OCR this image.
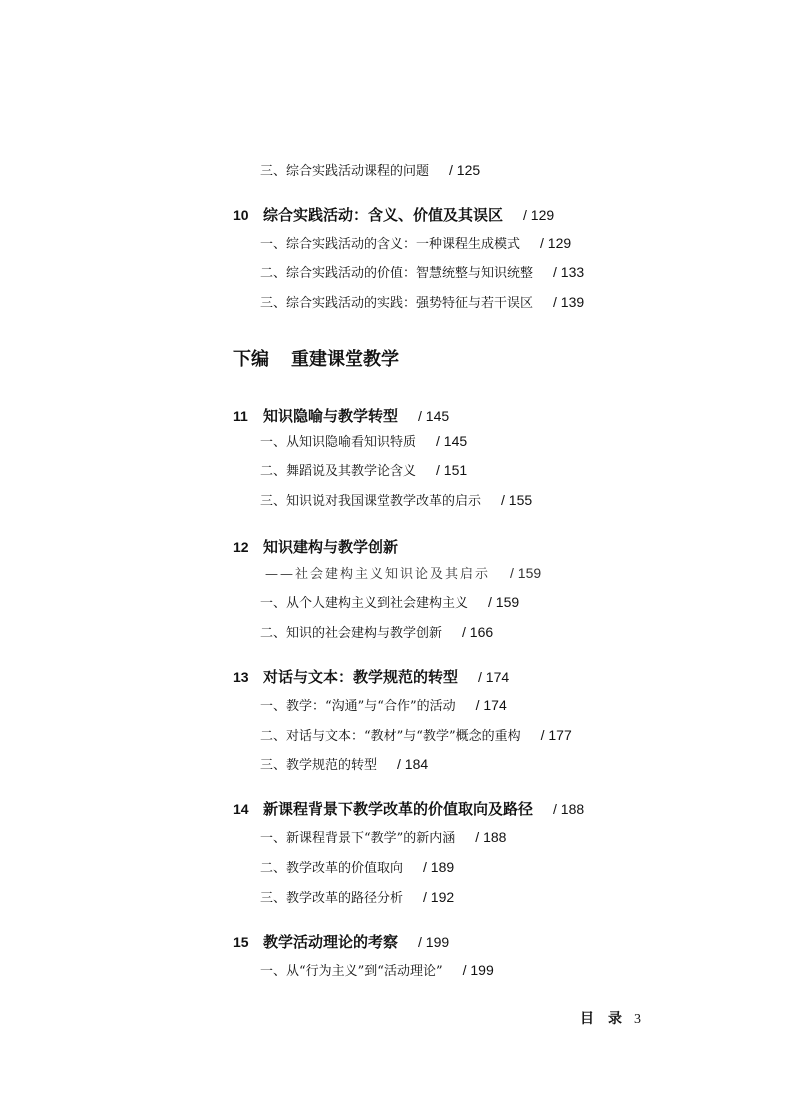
三、综合实践活动课程的问题 / 125
10 综合实践活动：含义、价值及其误区 / 129
一、综合实践活动的含义：一种课程生成模式 / 129
二、综合实践活动的价值：智慧统整与知识统整 / 133
三、综合实践活动的实践：强势特征与若干误区 / 139
下编 重建课堂教学
11 知识隐喻与教学转型 / 145
一、从知识隐喻看知识特质 / 145
二、舞蹈说及其教学论含义 / 151
三、知识说对我国课堂教学改革的启示 / 155
12 知识建构与教学创新
——社会建构主义知识论及其启示 / 159
一、从个人建构主义到社会建构主义 / 159
二、知识的社会建构与教学创新 / 166
13 对话与文本：教学规范的转型 / 174
一、教学：“沟通”与“合作”的活动 / 174
二、对话与文本：“教材”与“教学”概念的重构 / 177
三、教学规范的转型 / 184
14 新课程背景下教学改革的价值取向及路径 / 188
一、新课程背景下“教学”的新内涵 / 188
二、教学改革的价值取向 / 189
三、教学改革的路径分析 / 192
15 教学活动理论的考察 / 199
一、从“行为主义”到“活动理论” / 199
目　录 3
